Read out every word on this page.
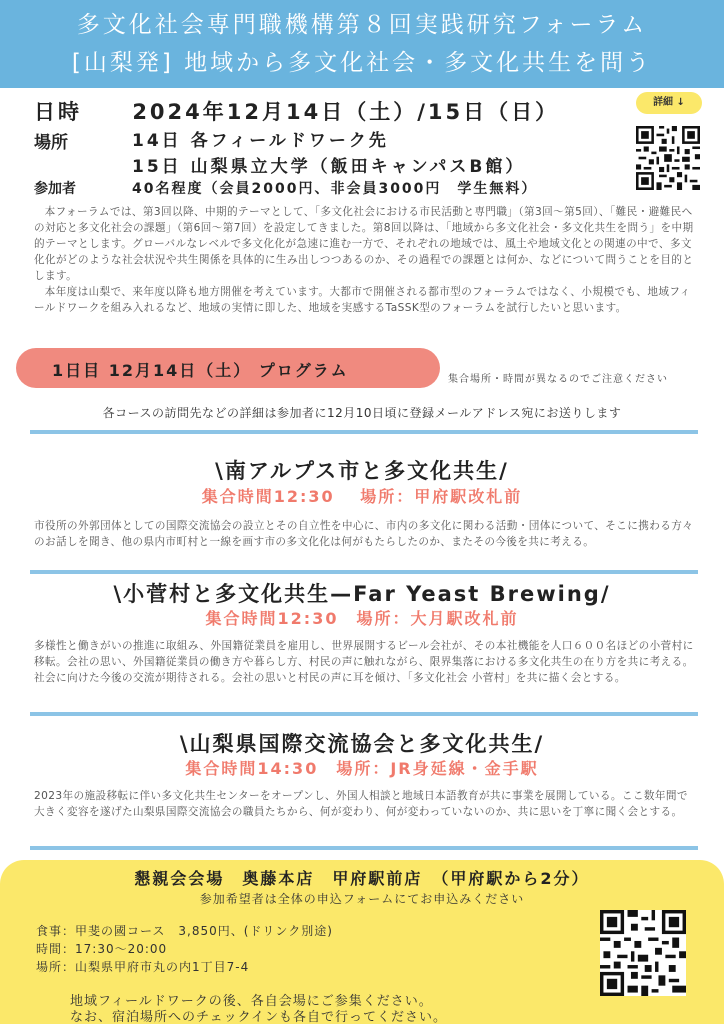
多文化社会専門職機構第８回実践研究フォーラム
[山梨発] 地域から多文化社会・多文化共生を問う
日時 2024年12月14日（土）/15日（日）	詳細 ↓
場所	14日 各フィールドワーク先
15日 山梨県立大学（飯田キャンパスB館）
参加者	40名程度（会員2000円、非会員3000円　学生無料）

本フォーラムでは、第3回以降、中期的テーマとして、「多文化社会における市民活動と専門職」（第3回〜第5回）、「難民・避難民への対応と多文化社会の課題」（第6回〜第7回）を設定してきました。第8回以降は、「地域から多文化社会・多文化共生を問う」を中期的テーマとします。グローバルなレベルで多文化化が急速に進む一方で、それぞれの地域では、風土や地域文化との関連の中で、多文化化がどのような社会状況や共生関係を具体的に生み出しつつあるのか、その過程での課題とは何か、などについて問うことを目的とします。

本年度は山梨で、来年度以降も地方開催を考えています。大都市で開催される都市型のフォーラムではなく、小規模でも、地域フィールドワークを組み入れるなど、地域の実情に即した、地域を実感するTaSSK型のフォーラムを試行したいと思います。

1日目 12月14日（土） プログラム	集合場所・時間が異なるのでご注意ください
各コースの訪問先などの詳細は参加者に12月10日頃に登録メールアドレス宛にお送りします
\南アルプス市と多文化共生/
集合時間12:30　 場所：甲府駅改札前
市役所の外郭団体としての国際交流協会の設立とその自立性を中心に、市内の多文化に関わる活動・団体について、そこに携わる方々のお話しを聞き、他の県内市町村と一線を画す市の多文化化は何がもたらしたのか、またその今後を共に考える。
\小菅村と多文化共生—Far Yeast Brewing/
集合時間12:30　場所：大月駅改札前
多様性と働きがいの推進に取組み、外国籍従業員を雇用し、世界展開するビール会社が、その本社機能を人口６００名ほどの小菅村に移転。会社の思い、外国籍従業員の働き方や暮らし方、村民の声に触れながら、限界集落における多文化共生の在り方を共に考える。社会に向けた今後の交流が期待される。会社の思いと村民の声に耳を傾け、「多文化社会 小菅村」を共に描く会とする。
\山梨県国際交流協会と多文化共生/
集合時間14:30　場所：JR身延線・金手駅
2023年の施設移転に伴い多文化共生センターをオープンし、外国人相談と地域日本語教育が共に事業を展開している。ここ数年間で大きく変容を遂げた山梨県国際交流協会の職員たちから、何が変わり、何が変わっていないのか、共に思いを丁寧に聞く会とする。
懇親会会場　奥藤本店　甲府駅前店　（甲府駅から2分）
参加希望者は全体の申込フォームにてお申込みください
食事：甲斐の國コース　3,850円、(ドリンク別途)
時間：17:30〜20:00
場所：山梨県甲府市丸の内1丁目7-4
地域フィールドワークの後、各自会場にご参集ください。
なお、宿泊場所へのチェックインも各自で行ってください。
